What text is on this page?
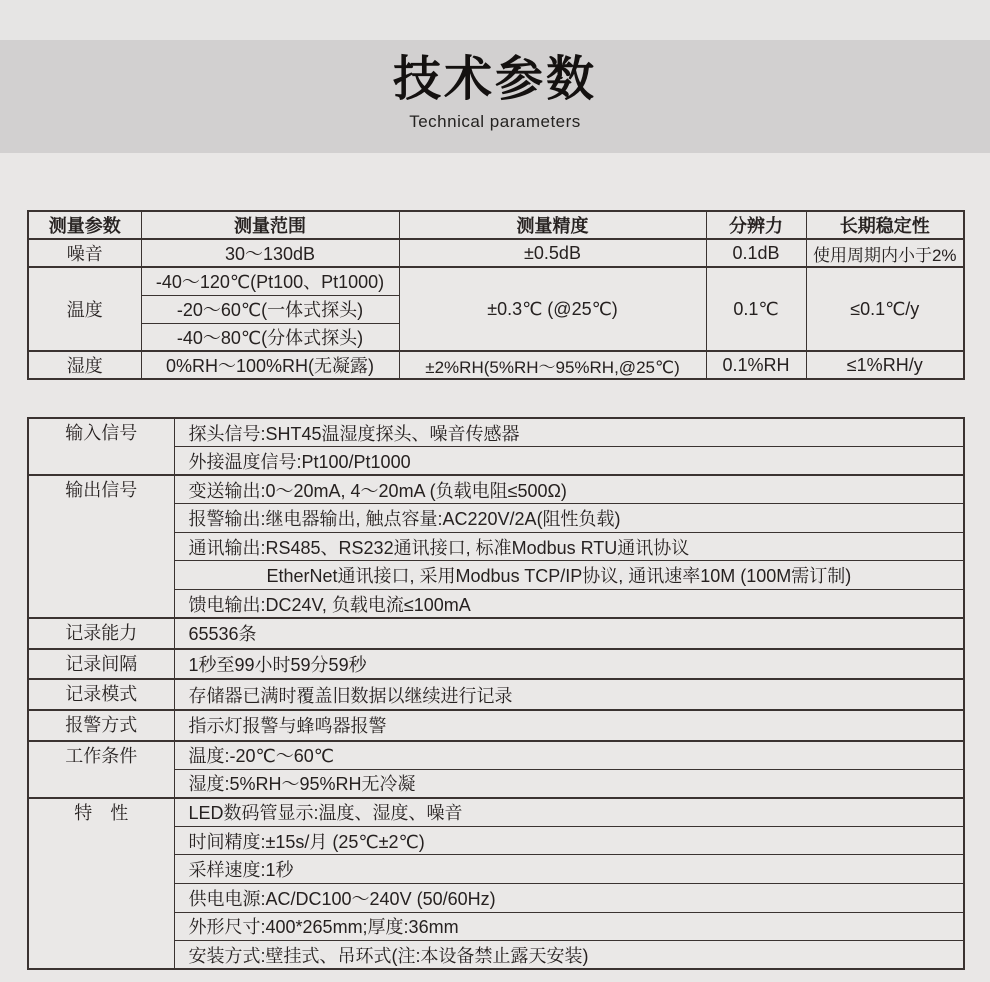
技术参数
Technical parameters
测量参数	测量范围	测量精度	分辨力	长期稳定性
噪音	30～130dB	±0.5dB	0.1dB	使用周期内小于2%
温度	-40～120℃(Pt100、Pt1000)	±0.3℃ (@25℃)	0.1℃	≤0.1℃/y
	-20～60℃(一体式探头)			
	-40～80℃(分体式探头)			
湿度	0%RH～100%RH(无凝露)	±2%RH(5%RH～95%RH,@25℃)	0.1%RH	≤1%RH/y
输入信号	探头信号:SHT45温湿度探头、噪音传感器
	外接温度信号:Pt100/Pt1000
输出信号	变送输出:0～20mA, 4～20mA (负载电阻≤500Ω)
	报警输出:继电器输出, 触点容量:AC220V/2A(阻性负载)
	通讯输出:RS485、RS232通讯接口, 标准Modbus RTU通讯协议
	EtherNet通讯接口, 采用Modbus TCP/IP协议, 通讯速率10M (100M需订制)
	馈电输出:DC24V, 负载电流≤100mA
记录能力	65536条
记录间隔	1秒至99小时59分59秒
记录模式	存储器已满时覆盖旧数据以继续进行记录
报警方式	指示灯报警与蜂鸣器报警
工作条件	温度:-20℃～60℃
	湿度:5%RH～95%RH无冷凝
特　性	LED数码管显示:温度、湿度、噪音
	时间精度:±15s/月 (25℃±2℃)
	采样速度:1秒
	供电电源:AC/DC100～240V (50/60Hz)
	外形尺寸:400*265mm;厚度:36mm
	安装方式:壁挂式、吊环式(注:本设备禁止露天安装)
